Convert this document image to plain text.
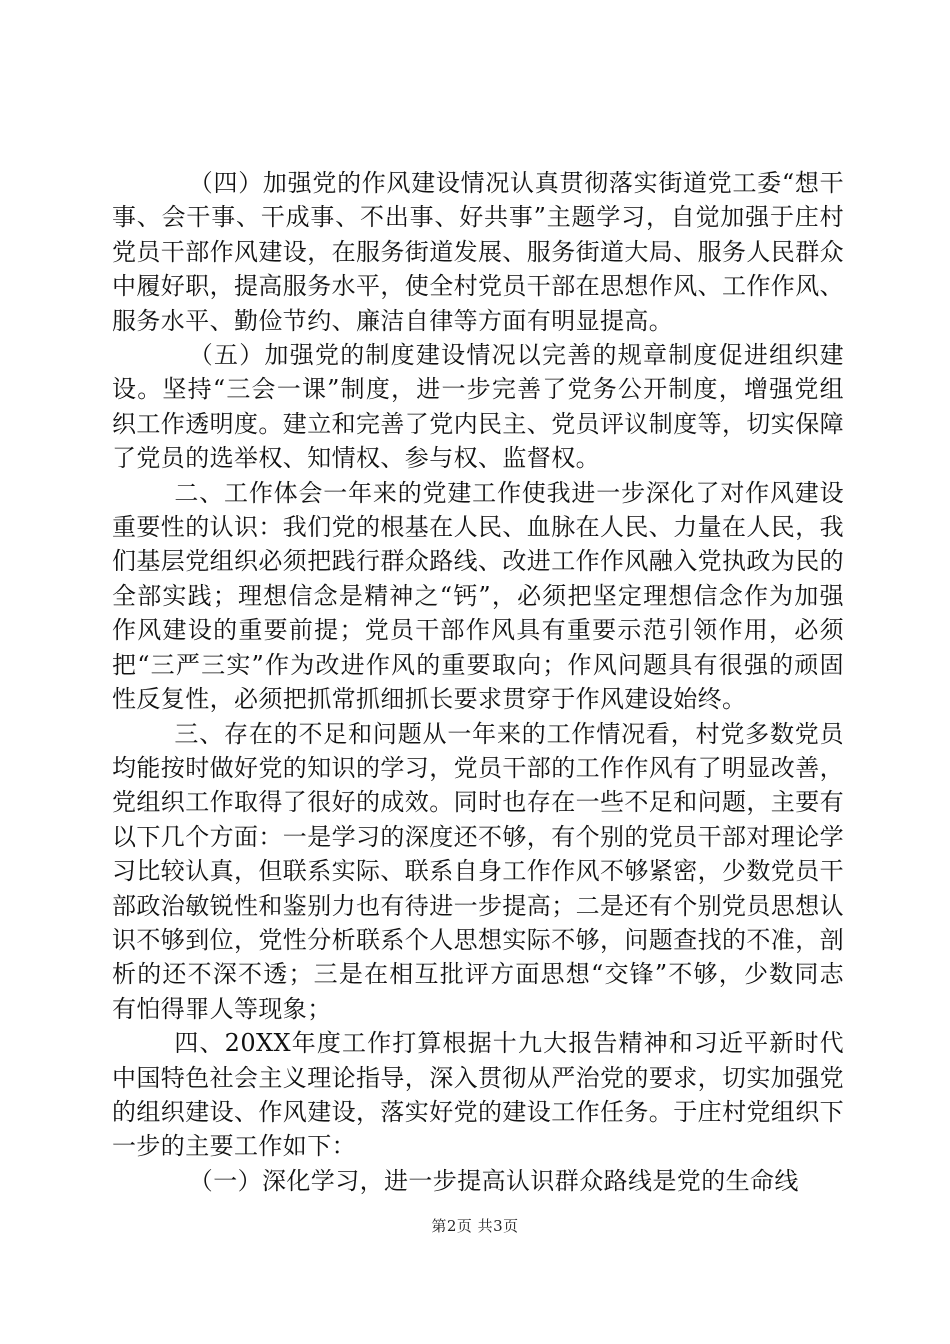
（四）加强党的作风建设情况认真贯彻落实街道党工委“想干事、会干事、干成事、不出事、好共事”主题学习，自觉加强于庄村党员干部作风建设，在服务街道发展、服务街道大局、服务人民群众中履好职，提高服务水平，使全村党员干部在思想作风、工作作风、服务水平、勤俭节约、廉洁自律等方面有明显提高。

（五）加强党的制度建设情况以完善的规章制度促进组织建设。坚持“三会一课”制度，进一步完善了党务公开制度，增强党组织工作透明度。建立和完善了党内民主、党员评议制度等，切实保障了党员的选举权、知情权、参与权、监督权。

二、工作体会一年来的党建工作使我进一步深化了对作风建设重要性的认识：我们党的根基在人民、血脉在人民、力量在人民，我们基层党组织必须把践行群众路线、改进工作作风融入党执政为民的全部实践；理想信念是精神之“钙”，必须把坚定理想信念作为加强作风建设的重要前提；党员干部作风具有重要示范引领作用，必须把“三严三实”作为改进作风的重要取向；作风问题具有很强的顽固性反复性，必须把抓常抓细抓长要求贯穿于作风建设始终。

三、存在的不足和问题从一年来的工作情况看，村党多数党员均能按时做好党的知识的学习，党员干部的工作作风有了明显改善，党组织工作取得了很好的成效。同时也存在一些不足和问题，主要有以下几个方面：一是学习的深度还不够，有个别的党员干部对理论学习比较认真，但联系实际、联系自身工作作风不够紧密，少数党员干部政治敏锐性和鉴别力也有待进一步提高；二是还有个别党员思想认识不够到位，党性分析联系个人思想实际不够，问题查找的不准，剖析的还不深不透；三是在相互批评方面思想“交锋”不够，少数同志有怕得罪人等现象；

四、20XX年度工作打算根据十九大报告精神和习近平新时代中国特色社会主义理论指导，深入贯彻从严治党的要求，切实加强党的组织建设、作风建设，落实好党的建设工作任务。于庄村党组织下一步的主要工作如下：

（一）深化学习，进一步提高认识群众路线是党的生命线

第2页 共3页
